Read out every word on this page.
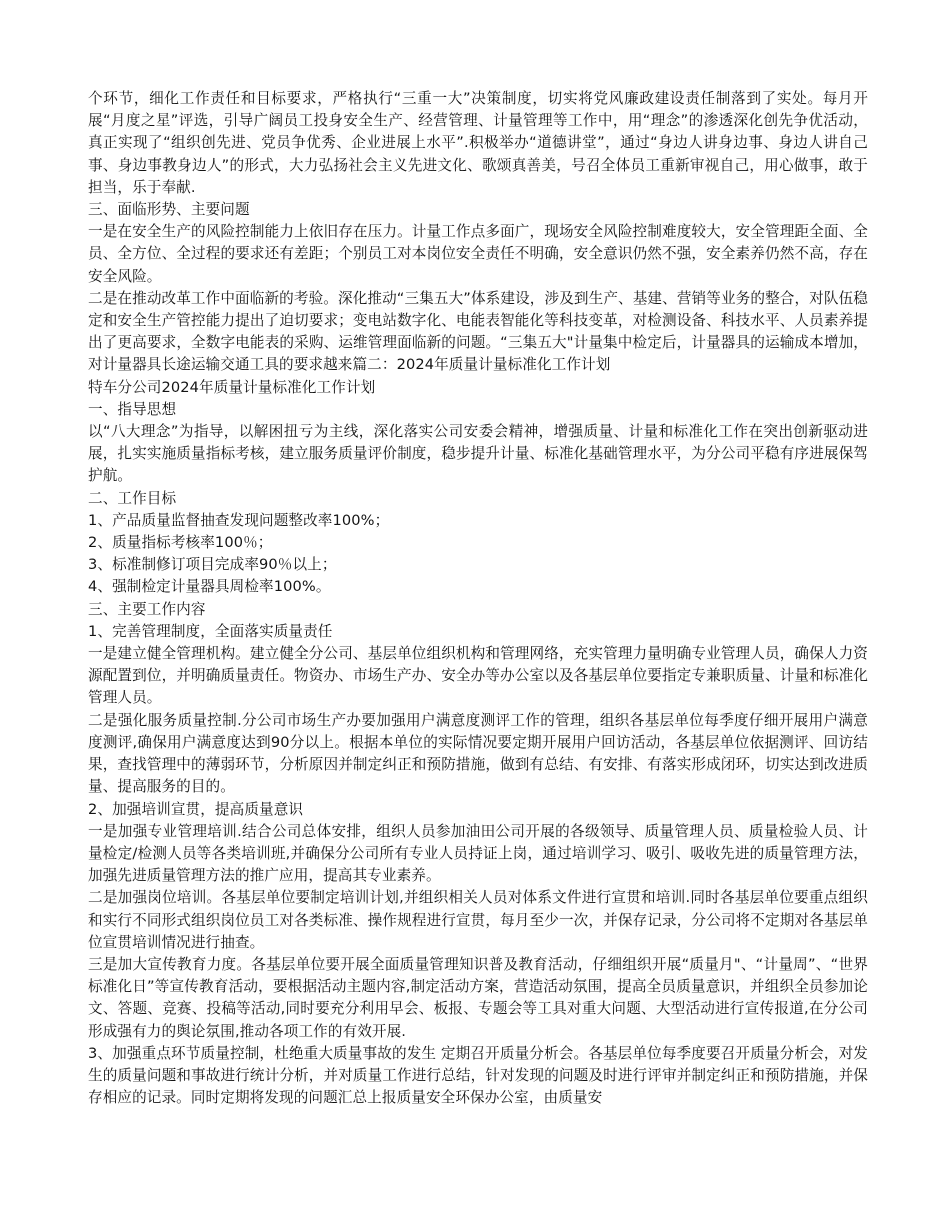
个环节，细化工作责任和目标要求，严格执行“三重一大”决策制度，切实将党风廉政建设责任制落到了实处。每月开展“月度之星”评选，引导广阔员工投身安全生产、经营管理、计量管理等工作中，用“理念”的渗透深化创先争优活动，真正实现了“组织创先进、党员争优秀、企业进展上水平”.积极举办“道德讲堂”，通过“身边人讲身边事、身边人讲自己事、身边事教身边人”的形式，大力弘扬社会主义先进文化、歌颂真善美，号召全体员工重新审视自己，用心做事，敢于担当，乐于奉献.

三、面临形势、主要问题

一是在安全生产的风险控制能力上依旧存在压力。计量工作点多面广，现场安全风险控制难度较大，安全管理距全面、全员、全方位、全过程的要求还有差距；个别员工对本岗位安全责任不明确，安全意识仍然不强，安全素养仍然不高，存在安全风险。

二是在推动改革工作中面临新的考验。深化推动“三集五大”体系建设，涉及到生产、基建、营销等业务的整合，对队伍稳定和安全生产管控能力提出了迫切要求；变电站数字化、电能表智能化等科技变革，对检测设备、科技水平、人员素养提出了更高要求，全数字电能表的采购、运维管理面临新的问题。“三集五大"计量集中检定后，计量器具的运输成本增加，对计量器具长途运输交通工具的要求越来篇二：2024年质量计量标准化工作计划

特车分公司2024年质量计量标准化工作计划

一、指导思想

以“八大理念”为指导，以解困扭亏为主线，深化落实公司安委会精神，增强质量、计量和标准化工作在突出创新驱动进展，扎实实施质量指标考核，建立服务质量评价制度，稳步提升计量、标准化基础管理水平，为分公司平稳有序进展保驾护航。

二、工作目标

1、产品质量监督抽查发现问题整改率100%；

2、质量指标考核率100％；

3、标准制修订项目完成率90％以上；

4、强制检定计量器具周检率100%。

三、主要工作内容

1、完善管理制度，全面落实质量责任

一是建立健全管理机构。建立健全分公司、基层单位组织机构和管理网络，充实管理力量明确专业管理人员，确保人力资源配置到位，并明确质量责任。物资办、市场生产办、安全办等办公室以及各基层单位要指定专兼职质量、计量和标准化管理人员。

二是强化服务质量控制.分公司市场生产办要加强用户满意度测评工作的管理，组织各基层单位每季度仔细开展用户满意度测评,确保用户满意度达到90分以上。根据本单位的实际情况要定期开展用户回访活动，各基层单位依据测评、回访结果，查找管理中的薄弱环节，分析原因并制定纠正和预防措施，做到有总结、有安排、有落实形成闭环，切实达到改进质量、提高服务的目的。

2、加强培训宣贯，提高质量意识

一是加强专业管理培训.结合公司总体安排，组织人员参加油田公司开展的各级领导、质量管理人员、质量检验人员、计量检定/检测人员等各类培训班,并确保分公司所有专业人员持证上岗，通过培训学习、吸引、吸收先进的质量管理方法，加强先进质量管理方法的推广应用，提高其专业素养。

二是加强岗位培训。各基层单位要制定培训计划,并组织相关人员对体系文件进行宣贯和培训.同时各基层单位要重点组织和实行不同形式组织岗位员工对各类标准、操作规程进行宣贯，每月至少一次，并保存记录，分公司将不定期对各基层单位宣贯培训情况进行抽查。

三是加大宣传教育力度。各基层单位要开展全面质量管理知识普及教育活动，仔细组织开展“质量月"、“计量周”、“世界标准化日”等宣传教育活动，要根据活动主题内容,制定活动方案，营造活动氛围，提高全员质量意识，并组织全员参加论文、答题、竞赛、投稿等活动,同时要充分利用早会、板报、专题会等工具对重大问题、大型活动进行宣传报道,在分公司形成强有力的舆论氛围,推动各项工作的有效开展.

3、加强重点环节质量控制，杜绝重大质量事故的发生 定期召开质量分析会。各基层单位每季度要召开质量分析会，对发生的质量问题和事故进行统计分析，并对质量工作进行总结，针对发现的问题及时进行评审并制定纠正和预防措施，并保存相应的记录。同时定期将发现的问题汇总上报质量安全环保办公室，由质量安
